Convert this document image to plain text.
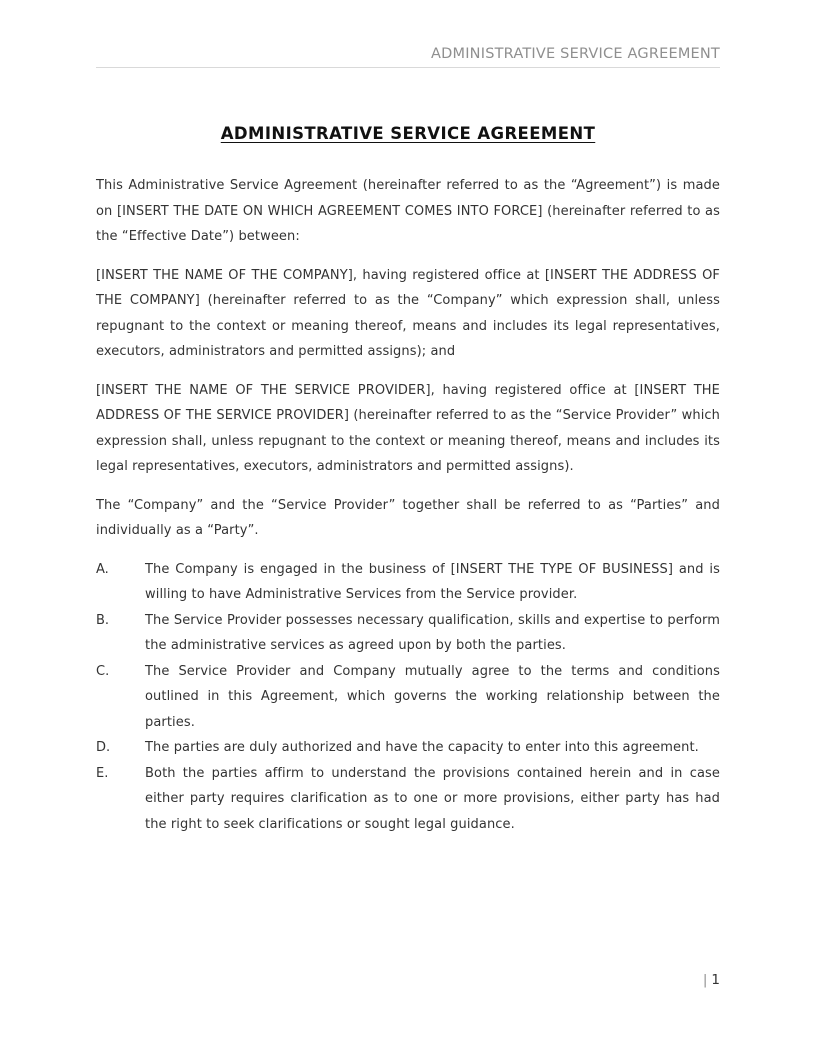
ADMINISTRATIVE SERVICE AGREEMENT
ADMINISTRATIVE SERVICE AGREEMENT

This Administrative Service Agreement (hereinafter referred to as the “Agreement”) is made on [INSERT THE DATE ON WHICH AGREEMENT COMES INTO FORCE] (hereinafter referred to as the “Effective Date”) between:

[INSERT THE NAME OF THE COMPANY], having registered office at [INSERT THE ADDRESS OF THE COMPANY] (hereinafter referred to as the “Company” which expression shall, unless repugnant to the context or meaning thereof, means and includes its legal representatives, executors, administrators and permitted assigns); and

[INSERT THE NAME OF THE SERVICE PROVIDER], having registered office at [INSERT THE ADDRESS OF THE SERVICE PROVIDER] (hereinafter referred to as the “Service Provider” which expression shall, unless repugnant to the context or meaning thereof, means and includes its legal representatives, executors, administrators and permitted assigns).

The “Company” and the “Service Provider” together shall be referred to as “Parties” and individually as a “Party”.

A.	The Company is engaged in the business of [INSERT THE TYPE OF BUSINESS] and is willing to have Administrative Services from the Service provider.

B.	The Service Provider possesses necessary qualification, skills and expertise to perform the administrative services as agreed upon by both the parties.

C.	The Service Provider and Company mutually agree to the terms and conditions outlined in this Agreement, which governs the working relationship between the parties.

D.	The parties are duly authorized and have the capacity to enter into this agreement.

E.	Both the parties affirm to understand the provisions contained herein and in case either party requires clarification as to one or more provisions, either party has had the right to seek clarifications or sought legal guidance.

| 1
